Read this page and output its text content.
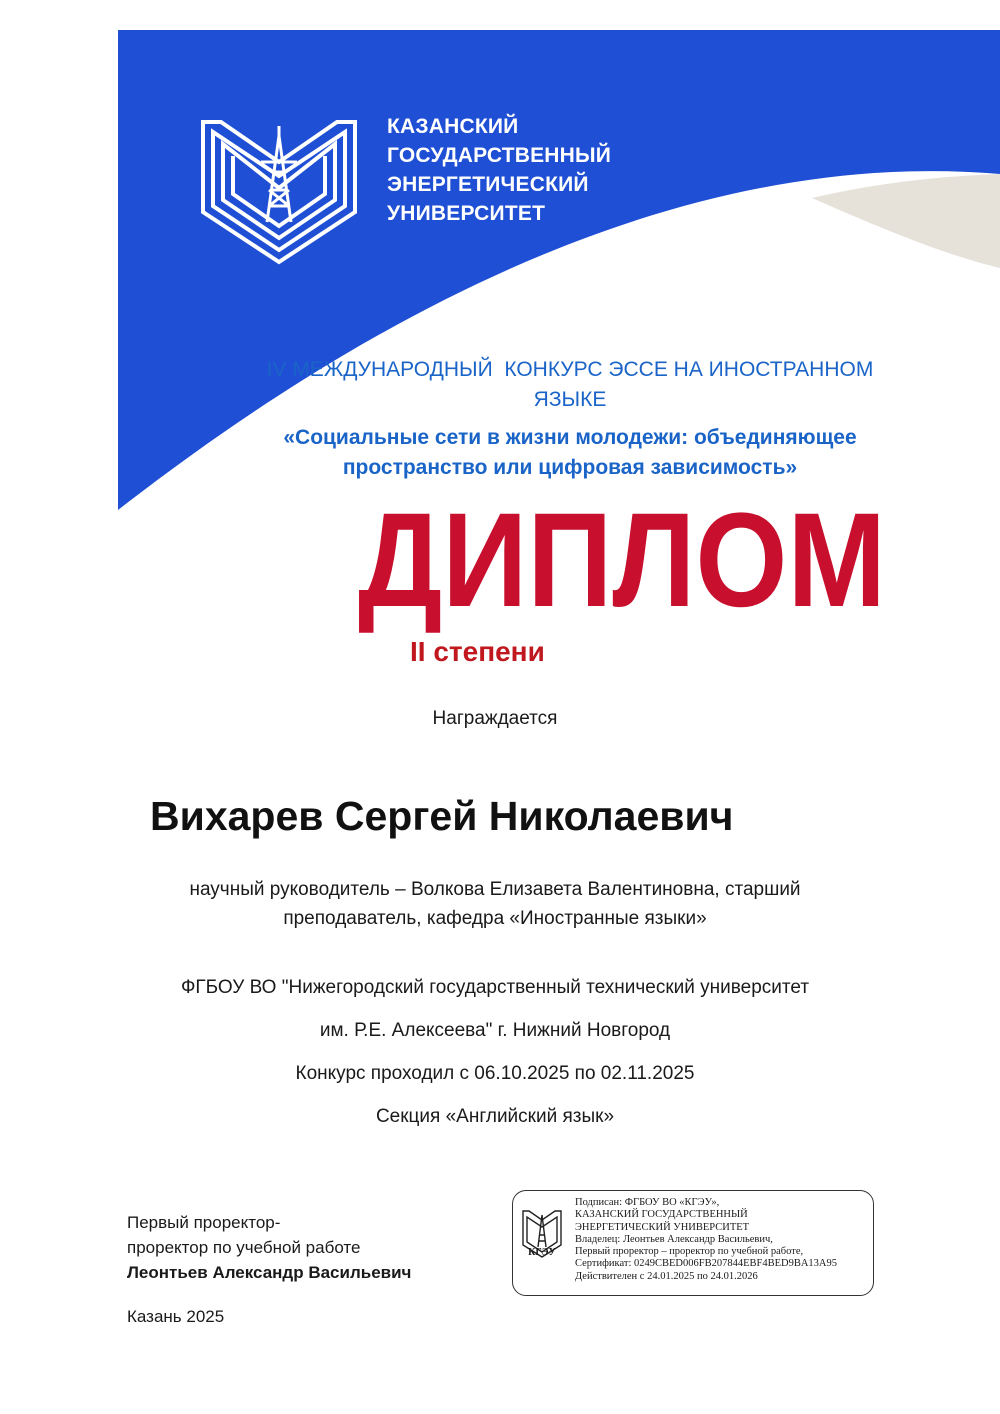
КАЗАНСКИЙ
ГОСУДАРСТВЕННЫЙ
ЭНЕРГЕТИЧЕСКИЙ
УНИВЕРСИТЕТ
IV МЕЖДУНАРОДНЫЙ  КОНКУРС ЭССЕ НА ИНОСТРАННОМ
ЯЗЫКЕ
«Социальные сети в жизни молодежи: объединяющее
пространство или цифровая зависимость»
ДИПЛОМ
II степени
Награждается
Вихарев Сергей Николаевич
научный руководитель – Волкова Елизавета Валентиновна, старший
преподаватель, кафедра «Иностранные языки»
ФГБОУ ВО "Нижегородский государственный технический университет
им. Р.Е. Алексеева" г. Нижний Новгород
Конкурс проходил с 06.10.2025 по 02.11.2025
Секция «Английский язык»
Первый проректор-
проректор по учебной работе
Леонтьев Александр Васильевич
КГЭУ
Подписан: ФГБОУ ВО «КГЭУ»,
КАЗАНСКИЙ ГОСУДАРСТВЕННЫЙ
ЭНЕРГЕТИЧЕСКИЙ УНИВЕРСИТЕТ
Владелец: Леонтьев Александр Васильевич,
Первый проректор – проректор по учебной работе,
Сертификат: 0249CBED006FB207844EBF4BED9BA13A95
Действителен с 24.01.2025 по 24.01.2026
Казань 2025
